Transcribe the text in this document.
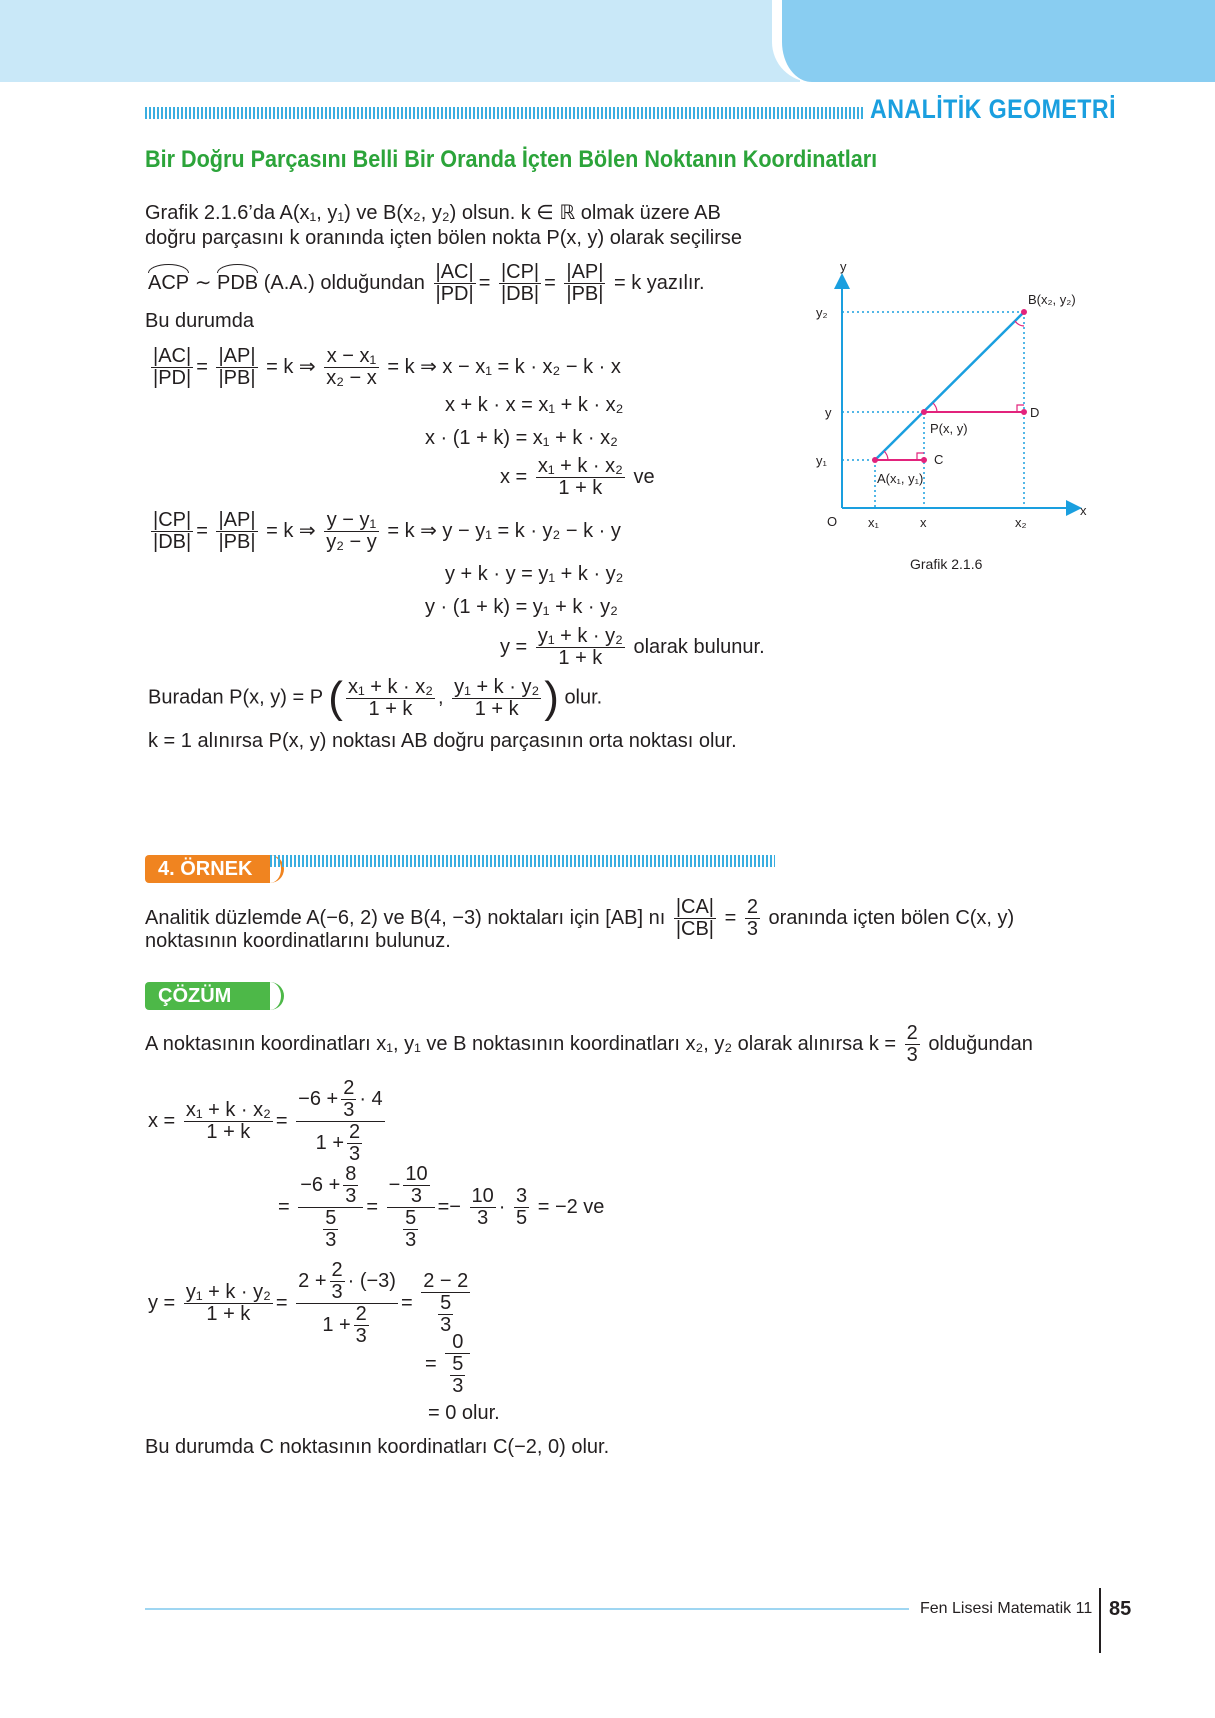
ANALİTİK GEOMETRİ
Bir Doğru Parçasını Belli Bir Oranda İçten Bölen Noktanın Koordinatları
Grafik 2.1.6’da A(x₁, y₁) ve B(x₂, y₂) olsun. k ∈ ℝ olmak üzere AB
doğru parçasını k oranında içten bölen nokta P(x, y) olarak seçilirse
ACP ∼ PDB (A.A.) olduğundan $\frac{|AC|}{|PD|} = \frac{|CP|}{|DB|} = \frac{|AP|}{|PB|} = k$ yazılır.
Bu durumda
$\frac{|AC|}{|PD|} = \frac{|AP|}{|PB|} = k$ ⇒ $\frac{\text{x − x₁}}{\text{x₂ − x}} = k$ ⇒ x − x₁ = k · x₂ − k · x
x + k · x = x₁ + k · x₂
x · (1 + k) = x₁ + k · x₂
$x = \frac{\text{x₁ + k · x₂}}{1 + k}$ ve
$\frac{|CP|}{|DB|} = \frac{|AP|}{|PB|} = k$ ⇒ $\frac{\text{y − y₁}}{\text{y₂ − y}} = k$ ⇒ y − y₁ = k · y₂ − k · y
y + k · y = y₁ + k · y₂
y · (1 + k) = y₁ + k · y₂
$y = \frac{\text{y₁ + k · y₂}}{1 + k}$ olarak bulunur.
Buradan P(x, y) = P ( $\frac{\text{x₁ + k · x₂}}{1 + k}$ , $\frac{\text{y₁ + k · y₂}}{1 + k}$ ) olur.
k = 1 alınırsa P(x, y) noktası AB doğru parçasının orta noktası olur.
y
x
O
y₂
y
y₁
x₁	x	x₂
B(x₂, y₂)
D
P(x, y)
C
A(x₁, y₁)
Grafik 2.1.6
4. ÖRNEK
Analitik düzlemde A(−6, 2) ve B(4, −3) noktaları için [AB] nı $\frac{|CA|}{|CB|} = \frac{2}{3}$ oranında içten bölen C(x, y)
noktasının koordinatlarını bulunuz.
ÇÖZÜM
A noktasının koordinatları x₁, y₁ ve B noktasının koordinatları x₂, y₂ olarak alınırsa $k = \frac{2}{3}$ olduğundan
$x = \frac{\text{x₁ + k · x₂}}{1 + k} = \frac{-6 + \frac{2}{3} \cdot 4}{1 + \frac{2}{3}}$
= $\frac{-6 + \frac{8}{3}}{\frac{5}{3}} = \frac{- \frac{10}{3}}{\frac{5}{3}} =- \frac{10}{3} \cdot \frac{3}{5} = -2$ ve
$y = \frac{\text{y₁ + k · y₂}}{1 + k} = \frac{2 + \frac{2}{3} \cdot (-3)}{1 + \frac{2}{3}} = \frac{2 - 2}{\frac{5}{3}}$
= $\frac{0}{\frac{5}{3}}$
= 0 olur.
Bu durumda C noktasının koordinatları C(−2, 0) olur.
Fen Lisesi Matematik 11 85
